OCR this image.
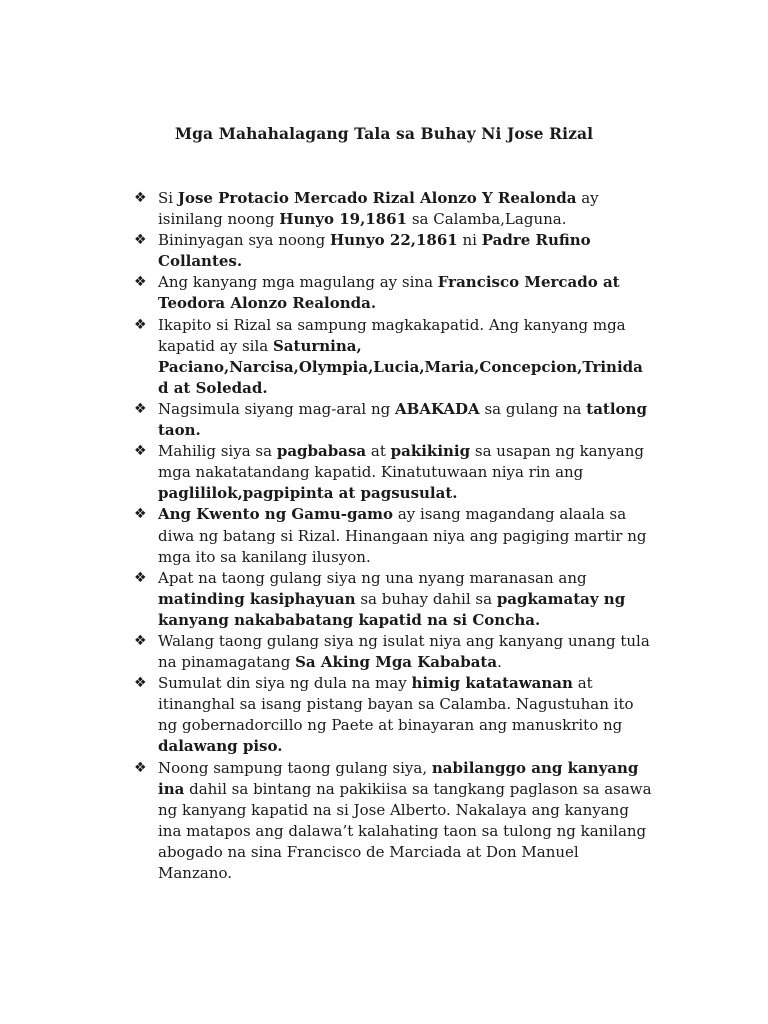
Mga Mahahalagang Tala sa Buhay Ni Jose Rizal
❖ Si Jose Protacio Mercado Rizal Alonzo Y Realonda ay isinilang noong Hunyo 19,1861 sa Calamba,Laguna.
❖ Bininyagan sya noong Hunyo 22,1861 ni Padre Rufino Collantes.
❖ Ang kanyang mga magulang ay sina Francisco Mercado at Teodora Alonzo Realonda.
❖ Ikapito si Rizal sa sampung magkakapatid. Ang kanyang mga kapatid ay sila Saturnina, Paciano,Narcisa,Olympia,Lucia,Maria,Concepcion,Trinida d at Soledad.
❖ Nagsimula siyang mag-aral ng ABAKADA sa gulang na tatlong taon.
❖ Mahilig siya sa pagbabasa at pakikinig sa usapan ng kanyang mga nakatatandang kapatid. Kinatutuwaan niya rin ang paglililok,pagpipinta at pagsusulat.
❖ Ang Kwento ng Gamu-gamo ay isang magandang alaala sa diwa ng batang si Rizal. Hinangaan niya ang pagiging martir ng mga ito sa kanilang ilusyon.
❖ Apat na taong gulang siya ng una nyang maranasan ang matinding kasiphayuan sa buhay dahil sa pagkamatay ng kanyang nakababatang kapatid na si Concha.
❖ Walang taong gulang siya ng isulat niya ang kanyang unang tula na pinamagatang Sa Aking Mga Kababata.
❖ Sumulat din siya ng dula na may himig katatawanan at itinanghal sa isang pistang bayan sa Calamba. Nagustuhan ito ng gobernadorcillo ng Paete at binayaran ang manuskrito ng dalawang piso.
❖ Noong sampung taong gulang siya, nabilanggo ang kanyang ina dahil sa bintang na pakikiisa sa tangkang paglason sa asawa ng kanyang kapatid na si Jose Alberto. Nakalaya ang kanyang ina matapos ang dalawa’t kalahating taon sa tulong ng kanilang abogado na sina Francisco de Marciada at Don Manuel Manzano.
